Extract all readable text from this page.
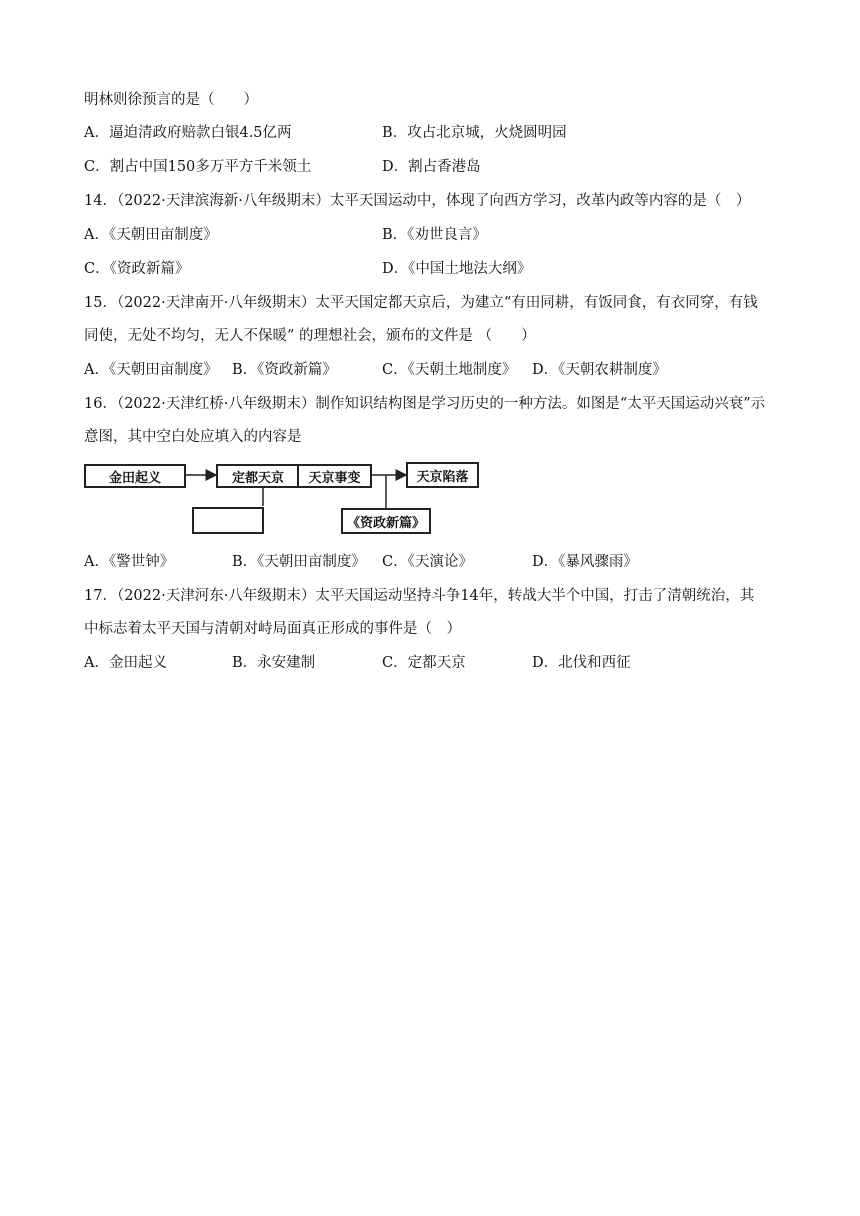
明林则徐预言的是（　　）
A．逼迫清政府赔款白银4.5亿两	B．攻占北京城，火烧圆明园
C．割占中国150多万平方千米领土	D．割占香港岛
14．（2022·天津滨海新·八年级期末）太平天国运动中，体现了向西方学习，改革内政等内容的是（　）
A．《天朝田亩制度》	B．《劝世良言》
C．《资政新篇》	D．《中国土地法大纲》
15．（2022·天津南开·八年级期末）太平天国定都天京后，为建立“有田同耕，有饭同食，有衣同穿，有钱
同使，无处不均匀，无人不保暖” 的理想社会，颁布的文件是 （　　）
A．《天朝田亩制度》 B．《资政新篇》	C．《天朝土地制度》 D．《天朝农耕制度》
16．（2022·天津红桥·八年级期末）制作知识结构图是学习历史的一种方法。如图是“太平天国运动兴衰”示
意图，其中空白处应填入的内容是
金田起义	定都天京	天京事变	天京陷落
《资政新篇》
A．《警世钟》	B．《天朝田亩制度》 C．《天演论》	D．《暴风骤雨》
17．（2022·天津河东·八年级期末）太平天国运动坚持斗争14年，转战大半个中国，打击了清朝统治，其
中标志着太平天国与清朝对峙局面真正形成的事件是（　）
A．金田起义	B．永安建制	C．定都天京	D．北伐和西征
